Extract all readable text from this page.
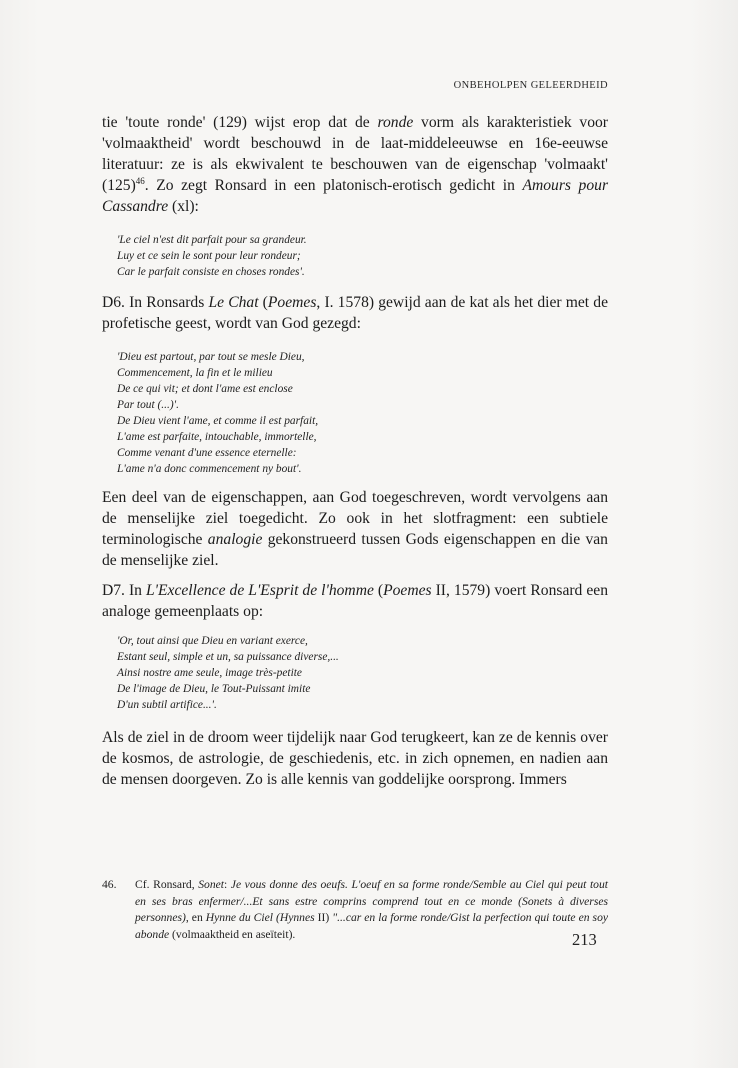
ONBEHOLPEN GELEERDHEID

tie 'toute ronde' (129) wijst erop dat de ronde vorm als karakteristiek voor 'volmaaktheid' wordt beschouwd in de laat-middeleeuwse en 16e-eeuwse literatuur: ze is als ekwivalent te beschouwen van de eigenschap 'volmaakt' $(125)^{46}$. Zo zegt Ronsard in een platonisch-erotisch gedicht in Amours pour Cassandre (xl):

'Le ciel n'est dit parfait pour sa grandeur.
Luy et ce sein le sont pour leur rondeur;
Car le parfait consiste en choses rondes'.

D6. In Ronsards Le Chat (Poemes, I. 1578) gewijd aan de kat als het dier met de profetische geest, wordt van God gezegd:

'Dieu est partout, par tout se mesle Dieu,
Commencement, la fin et le milieu
De ce qui vit; et dont l'ame est enclose
Par tout (...)'.
De Dieu vient l'ame, et comme il est parfait,
L'ame est parfaite, intouchable, immortelle,
Comme venant d'une essence eternelle:
L'ame n'a donc commencement ny bout'.

Een deel van de eigenschappen, aan God toegeschreven, wordt vervolgens aan de menselijke ziel toegedicht. Zo ook in het slotfragment: een subtiele terminologische analogie gekonstrueerd tussen Gods eigenschappen en die van de menselijke ziel.

D7. In L'Excellence de L'Esprit de l'homme (Poemes II, 1579) voert Ronsard een analoge gemeenplaats op:

'Or, tout ainsi que Dieu en variant exerce,
Estant seul, simple et un, sa puissance diverse,...
Ainsi nostre ame seule, image très-petite
De l'image de Dieu, le Tout-Puissant imite
D'un subtil artifice...'.

Als de ziel in de droom weer tijdelijk naar God terugkeert, kan ze de kennis over de kosmos, de astrologie, de geschiedenis, etc. in zich opnemen, en nadien aan de mensen doorgeven. Zo is alle kennis van goddelijke oorsprong. Immers

46. Cf. Ronsard, Sonet: Je vous donne des oeufs. L'oeuf en sa forme ronde/Semble au Ciel qui peut tout en ses bras enfermer/...Et sans estre comprins comprend tout en ce monde (Sonets à diverses personnes), en Hynne du Ciel (Hynnes II) "...car en la forme ronde/Gist la perfection qui toute en soy abonde (volmaaktheid en aseïteit).	213
